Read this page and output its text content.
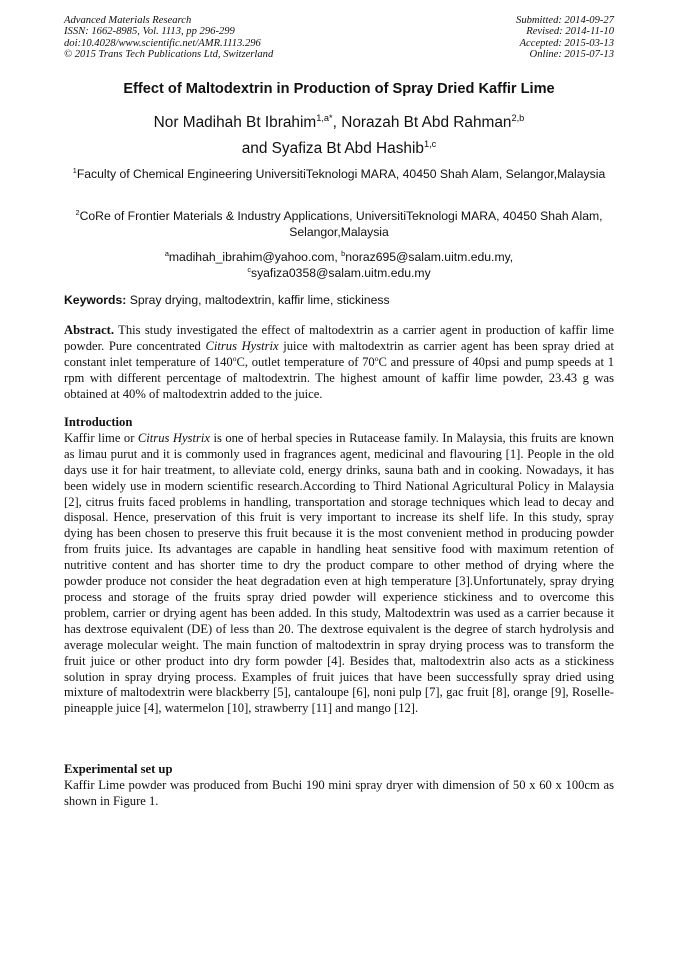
Advanced Materials Research
ISSN: 1662-8985, Vol. 1113, pp 296-299
doi:10.4028/www.scientific.net/AMR.1113.296
© 2015 Trans Tech Publications Ltd, Switzerland
Submitted: 2014-09-27
Revised: 2014-11-10
Accepted: 2015-03-13
Online: 2015-07-13
Effect of Maltodextrin in Production of Spray Dried Kaffir Lime
Nor Madihah Bt Ibrahim$^{1,a*}$, Norazah Bt Abd Rahman$^{2,b}$
and Syafiza Bt Abd Hashib$^{1,c}$
$^1$Faculty of Chemical Engineering UniversitiTeknologi MARA, 40450 Shah Alam, Selangor,Malaysia
$^2$CoRe of Frontier Materials & Industry Applications, UniversitiTeknologi MARA, 40450 Shah Alam, Selangor,Malaysia
$^a$madihah_ibrahim@yahoo.com, $^b$noraz695@salam.uitm.edu.my,
$^c$syafiza0358@salam.uitm.edu.my
Keywords: Spray drying, maltodextrin, kaffir lime, stickiness
Abstract. This study investigated the effect of maltodextrin as a carrier agent in production of kaffir lime powder. Pure concentrated Citrus Hystrix juice with maltodextrin as carrier agent has been spray dried at constant inlet temperature of 140$^o$C, outlet temperature of 70$^o$C and pressure of 40psi and pump speeds at 1 rpm with different percentage of maltodextrin. The highest amount of kaffir lime powder, 23.43 g was obtained at 40% of maltodextrin added to the juice.
Introduction
Kaffir lime or Citrus Hystrix is one of herbal species in Rutacease family. In Malaysia, this fruits are known as limau purut and it is commonly used in fragrances agent, medicinal and flavouring [1]. People in the old days use it for hair treatment, to alleviate cold, energy drinks, sauna bath and in cooking. Nowadays, it has been widely use in modern scientific research.According to Third National Agricultural Policy in Malaysia [2], citrus fruits faced problems in handling, transportation and storage techniques which lead to decay and disposal. Hence, preservation of this fruit is very important to increase its shelf life. In this study, spray dying has been chosen to preserve this fruit because it is the most convenient method in producing powder from fruits juice. Its advantages are capable in handling heat sensitive food with maximum retention of nutritive content and has shorter time to dry the product compare to other method of drying where the powder produce not consider the heat degradation even at high temperature [3].Unfortunately, spray drying process and storage of the fruits spray dried powder will experience stickiness and to overcome this problem, carrier or drying agent has been added. In this study, Maltodextrin was used as a carrier because it has dextrose equivalent (DE) of less than 20. The dextrose equivalent is the degree of starch hydrolysis and average molecular weight. The main function of maltodextrin in spray drying process was to transform the fruit juice or other product into dry form powder [4]. Besides that, maltodextrin also acts as a stickiness solution in spray drying process. Examples of fruit juices that have been successfully spray dried using mixture of maltodextrin were blackberry [5], cantaloupe [6], noni pulp [7], gac fruit [8], orange [9], Roselle-pineapple juice [4], watermelon [10], strawberry [11] and mango [12].
Experimental set up
Kaffir Lime powder was produced from Buchi 190 mini spray dryer with dimension of 50 x 60 x 100cm as shown in Figure 1.
